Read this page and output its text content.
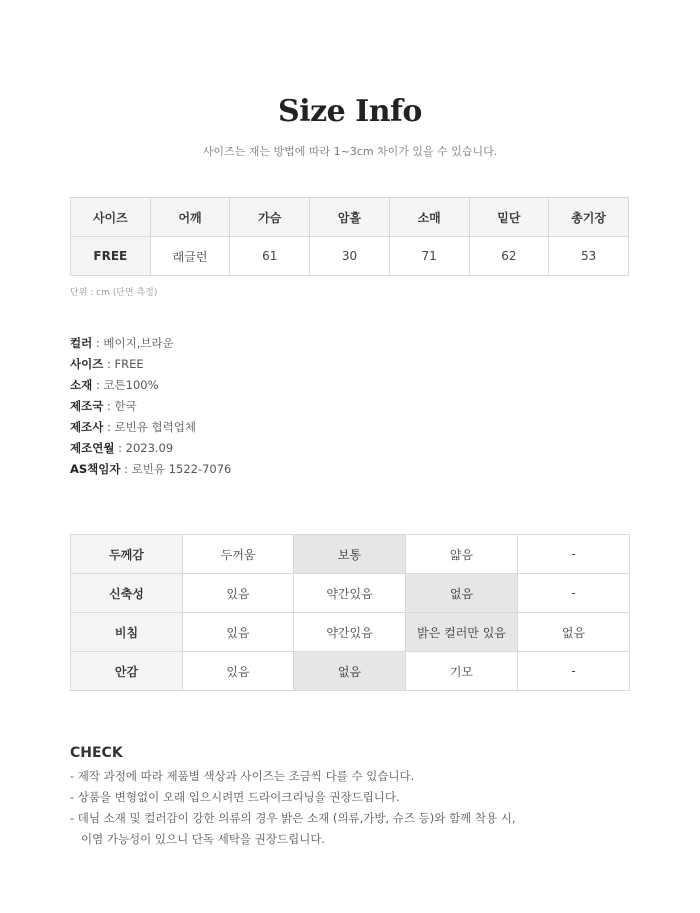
Size Info
사이즈는 재는 방법에 따라 1~3cm 차이가 있을 수 있습니다.
사이즈	어깨	가슴	암홀	소매	밑단	총기장
FREE	래글런	61	30	71	62	53
단위 : cm (단면 측정)
컬러 : 베이지,브라운
사이즈 : FREE
소재 : 코튼100%
제조국 : 한국
제조사 : 로빈유 협력업체
제조연월 : 2023.09
AS책임자 : 로빈유 1522-7076
두께감	두꺼움	보통	얇음	-
신축성	있음	약간있음	없음	-
비침	있음	약간있음	밝은 컬러만 있음	없음
안감	있음	없음	기모	-
CHECK
- 제작 과정에 따라 제품별 색상과 사이즈는 조금씩 다를 수 있습니다.
- 상품을 변형없이 오래 입으시려면 드라이크리닝을 권장드립니다.
- 데님 소재 및 컬러감이 강한 의류의 경우 밝은 소재 (의류,가방, 슈즈 등)와 함께 착용 시,
이염 가능성이 있으니 단독 세탁을 권장드립니다.
